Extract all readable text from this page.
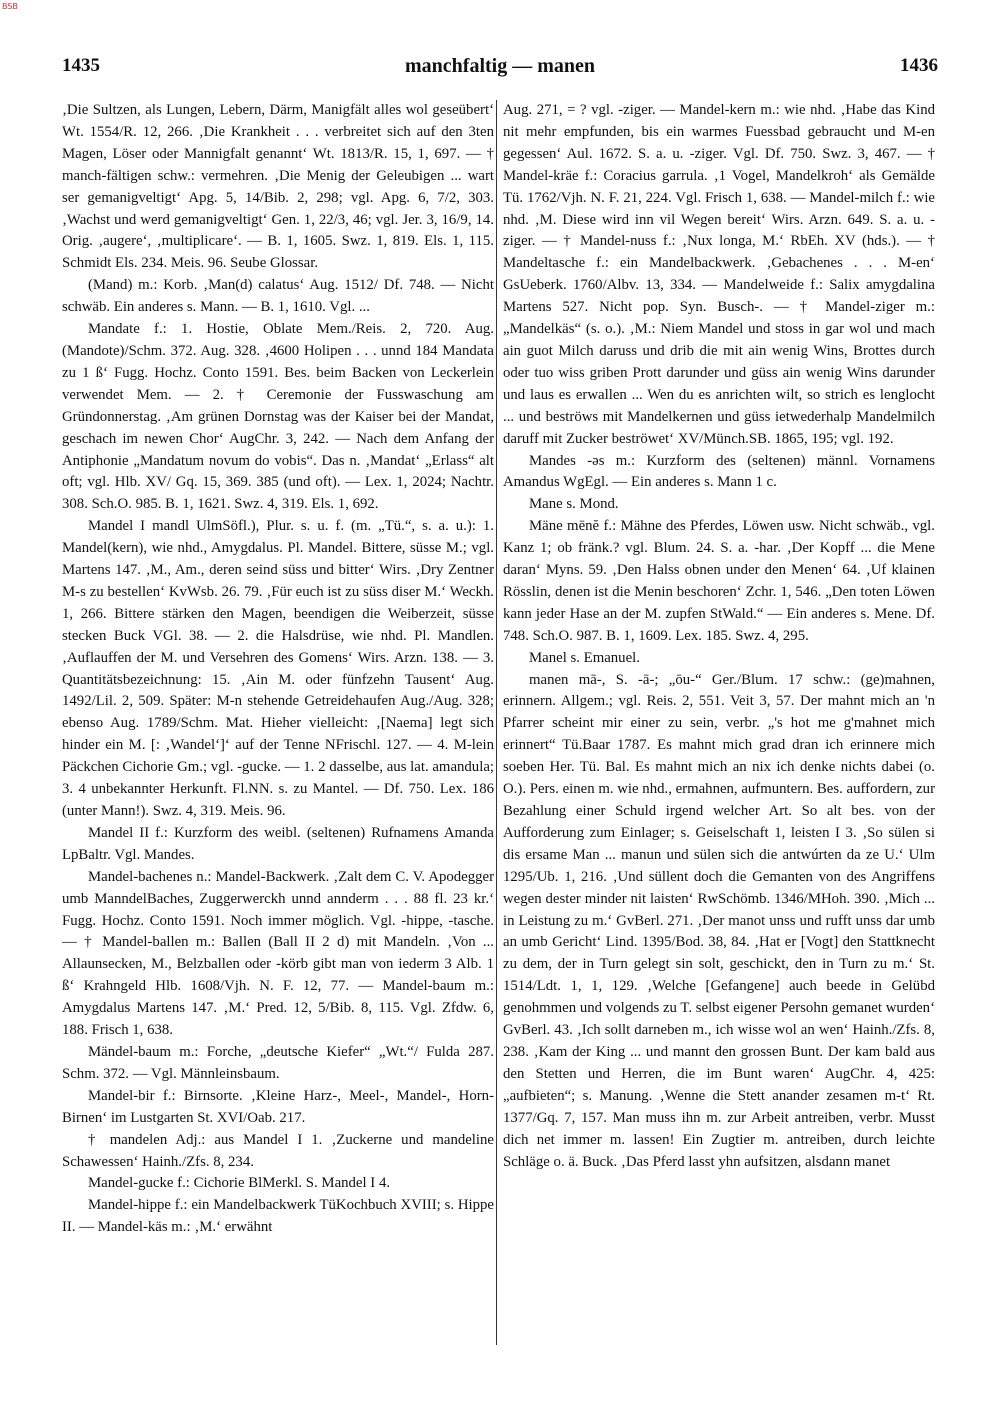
BSB
1435	manchfaltig — manen	1436

‚Die Sultzen, als Lungen, Lebern, Därm, Manigfält alles wol geseübert‘ Wt. 1554/R. 12, 266. ‚Die Krankheit . . . verbreitet sich auf den 3ten Magen, Löser oder Mannigfalt genannt‘ Wt. 1813/R. 15, 1, 697. — † manch-fältigen schw.: vermehren. ‚Die Menig der Geleubigen ... wart ser gemanigveltigt‘ Apg. 5, 14/Bib. 2, 298; vgl. Apg. 6, 7/2, 303. ‚Wachst und werd gemanigveltigt‘ Gen. 1, 22/3, 46; vgl. Jer. 3, 16/9, 14. Orig. ‚augere‘, ‚multiplicare‘. — B. 1, 1605. Swz. 1, 819. Els. 1, 115. Schmidt Els. 234. Meis. 96. Seube Glossar.

(Mand) m.: Korb. ‚Man(d) calatus‘ Aug. 1512/ Df. 748. — Nicht schwäb. Ein anderes s. Mann. — B. 1, 1610. Vgl. ...

Mandate f.: 1. Hostie, Oblate Mem./Reis. 2, 720. Aug. (Mandote)/Schm. 372. Aug. 328. ‚4600 Holipen . . . unnd 184 Mandata zu 1 ß‘ Fugg. Hochz. Conto 1591. Bes. beim Backen von Leckerlein verwendet Mem. — 2. † Ceremonie der Fusswaschung am Gründonnerstag. ‚Am grünen Dornstag was der Kaiser bei der Mandat, geschach im newen Chor‘ AugChr. 3, 242. — Nach dem Anfang der Antiphonie „Mandatum novum do vobis“. Das n. ‚Mandat‘ „Erlass“ alt oft; vgl. Hlb. XV/ Gq. 15, 369. 385 (und oft). — Lex. 1, 2024; Nachtr. 308. Sch.O. 985. B. 1, 1621. Swz. 4, 319. Els. 1, 692.

Mandel I mandl UlmSöfl.), Plur. s. u. f. (m. „Tü.“, s. a. u.): 1. Mandel(kern), wie nhd., Amygdalus. Pl. Mandel. Bittere, süsse M.; vgl. Martens 147. ‚M., Am., deren seind süss und bitter‘ Wirs. ‚Dry Zentner M-s zu bestellen‘ KvWsb. 26. 79. ‚Für euch ist zu süss diser M.‘ Weckh. 1, 266. Bittere stärken den Magen, beendigen die Weiberzeit, süsse stecken Buck VGl. 38. — 2. die Halsdrüse, wie nhd. Pl. Mandlen. ‚Auflauffen der M. und Versehren des Gomens‘ Wirs. Arzn. 138. — 3. Quantitätsbezeichnung: 15. ‚Ain M. oder fünfzehn Tausent‘ Aug. 1492/Lil. 2, 509. Später: M-n stehende Getreidehaufen Aug./Aug. 328; ebenso Aug. 1789/Schm. Mat. Hieher vielleicht: ‚[Naema] legt sich hinder ein M. [: ‚Wandel‘]‘ auf der Tenne NFrischl. 127. — 4. M-lein Päckchen Cichorie Gm.; vgl. -gucke. — 1. 2 dasselbe, aus lat. amandula; 3. 4 unbekannter Herkunft. Fl.NN. s. zu Mantel. — Df. 750. Lex. 186 (unter Mann!). Swz. 4, 319. Meis. 96.

Mandel II f.: Kurzform des weibl. (seltenen) Rufnamens Amanda LpBaltr. Vgl. Mandes.

Mandel-bachenes n.: Mandel-Backwerk. ‚Zalt dem C. V. Apodegger umb ManndelBaches, Zuggerwerckh unnd annderm . . . 88 fl. 23 kr.‘ Fugg. Hochz. Conto 1591. Noch immer möglich. Vgl. -hippe, -tasche. — † Mandel-ballen m.: Ballen (Ball II 2 d) mit Mandeln. ‚Von ... Allaunsecken, M., Belzballen oder -körb gibt man von iederm 3 Alb. 1 ß‘ Krahngeld Hlb. 1608/Vjh. N. F. 12, 77. — Mandel-baum m.: Amygdalus Martens 147. ‚M.‘ Pred. 12, 5/Bib. 8, 115. Vgl. Zfdw. 6, 188. Frisch 1, 638.

Mändel-baum m.: Forche, „deutsche Kiefer“ „Wt.“/ Fulda 287. Schm. 372. — Vgl. Männleinsbaum.

Mandel-bir f.: Birnsorte. ‚Kleine Harz-, Meel-, Mandel-, Horn-Birnen‘ im Lustgarten St. XVI/Oab. 217.

† mandelen Adj.: aus Mandel I 1. ‚Zuckerne und mandeline Schawessen‘ Hainh./Zfs. 8, 234.

Mandel-gucke f.: Cichorie BlMerkl. S. Mandel I 4.

Mandel-hippe f.: ein Mandelbackwerk TüKochbuch XVIII; s. Hippe II. — Mandel-käs m.: ‚M.‘ erwähnt

Aug. 271, = ? vgl. -ziger. — Mandel-kern m.: wie nhd. ‚Habe das Kind nit mehr empfunden, bis ein warmes Fuessbad gebraucht und M-en gegessen‘ Aul. 1672. S. a. u. -ziger. Vgl. Df. 750. Swz. 3, 467. — † Mandel-kräe f.: Coracius garrula. ‚1 Vogel, Mandelkroh‘ als Gemälde Tü. 1762/Vjh. N. F. 21, 224. Vgl. Frisch 1, 638. — Mandel-milch f.: wie nhd. ‚M. Diese wird inn vil Wegen bereit‘ Wirs. Arzn. 649. S. a. u. -ziger. — † Mandel-nuss f.: ‚Nux longa, M.‘ RbEh. XV (hds.). — † Mandeltasche f.: ein Mandelbackwerk. ‚Gebachenes . . . M-en‘ GsUeberk. 1760/Albv. 13, 334. — Mandelweide f.: Salix amygdalina Martens 527. Nicht pop. Syn. Busch-. — † Mandel-ziger m.: „Mandelkäs“ (s. o.). ‚M.: Niem Mandel und stoss in gar wol und mach ain guot Milch daruss und drib die mit ain wenig Wins, Brottes durch oder tuo wiss griben Prott darunder und güss ain wenig Wins darunder und laus es erwallen ... Wen du es anrichten wilt, so strich es lenglocht ... und beströws mit Mandelkernen und güss ietwederhalp Mandelmilch daruff mit Zucker beströwet‘ XV/Münch.SB. 1865, 195; vgl. 192.

Mandes -əs m.: Kurzform des (seltenen) männl. Vornamens Amandus WgEgl. — Ein anderes s. Mann 1 c.

Mane s. Mond.

Mäne mēnĕ f.: Mähne des Pferdes, Löwen usw. Nicht schwäb., vgl. Kanz 1; ob fränk.? vgl. Blum. 24. S. a. -har. ‚Der Kopff ... die Mene daran‘ Myns. 59. ‚Den Halss obnen under den Menen‘ 64. ‚Uf klainen Rösslin, denen ist die Menin beschoren‘ Zchr. 1, 546. „Den toten Löwen kann jeder Hase an der M. zupfen StWald.“ — Ein anderes s. Mene. Df. 748. Sch.O. 987. B. 1, 1609. Lex. 185. Swz. 4, 295.

Manel s. Emanuel.

manen mā-, S. -ā-; „ōu-“ Ger./Blum. 17 schw.: (ge)mahnen, erinnern. Allgem.; vgl. Reis. 2, 551. Veit 3, 57. Der mahnt mich an 'n Pfarrer scheint mir einer zu sein, verbr. „'s hot me g'mahnet mich erinnert“ Tü.Baar 1787. Es mahnt mich grad dran ich erinnere mich soeben Her. Tü. Bal. Es mahnt mich an nix ich denke nichts dabei (o. O.). Pers. einen m. wie nhd., ermahnen, aufmuntern. Bes. auffordern, zur Bezahlung einer Schuld irgend welcher Art. So alt bes. von der Aufforderung zum Einlager; s. Geiselschaft 1, leisten I 3. ‚So sülen si dis ersame Man ... manun und sülen sich die antwúrten da ze U.‘ Ulm 1295/Ub. 1, 216. ‚Und süllent doch die Gemanten von des Angriffens wegen dester minder nit laisten‘ RwSchömb. 1346/MHoh. 390. ‚Mich ... in Leistung zu m.‘ GvBerl. 271. ‚Der manot unss und rufft unss dar umb an umb Gericht‘ Lind. 1395/Bod. 38, 84. ‚Hat er [Vogt] den Stattknecht zu dem, der in Turn gelegt sin solt, geschickt, den in Turn zu m.‘ St. 1514/Ldt. 1, 1, 129. ‚Welche [Gefangene] auch beede in Gelübd genohmmen und volgends zu T. selbst eigener Persohn gemanet wurden‘ GvBerl. 43. ‚Ich sollt darneben m., ich wisse wol an wen‘ Hainh./Zfs. 8, 238. ‚Kam der King ... und mannt den grossen Bunt. Der kam bald aus den Stetten und Herren, die im Bunt waren‘ AugChr. 4, 425: „aufbieten“; s. Manung. ‚Wenne die Stett anander zesamen m-t‘ Rt. 1377/Gq. 7, 157. Man muss ihn m. zur Arbeit antreiben, verbr. Musst dich net immer m. lassen! Ein Zugtier m. antreiben, durch leichte Schläge o. ä. Buck. ‚Das Pferd lasst yhn aufsitzen, alsdann manet
